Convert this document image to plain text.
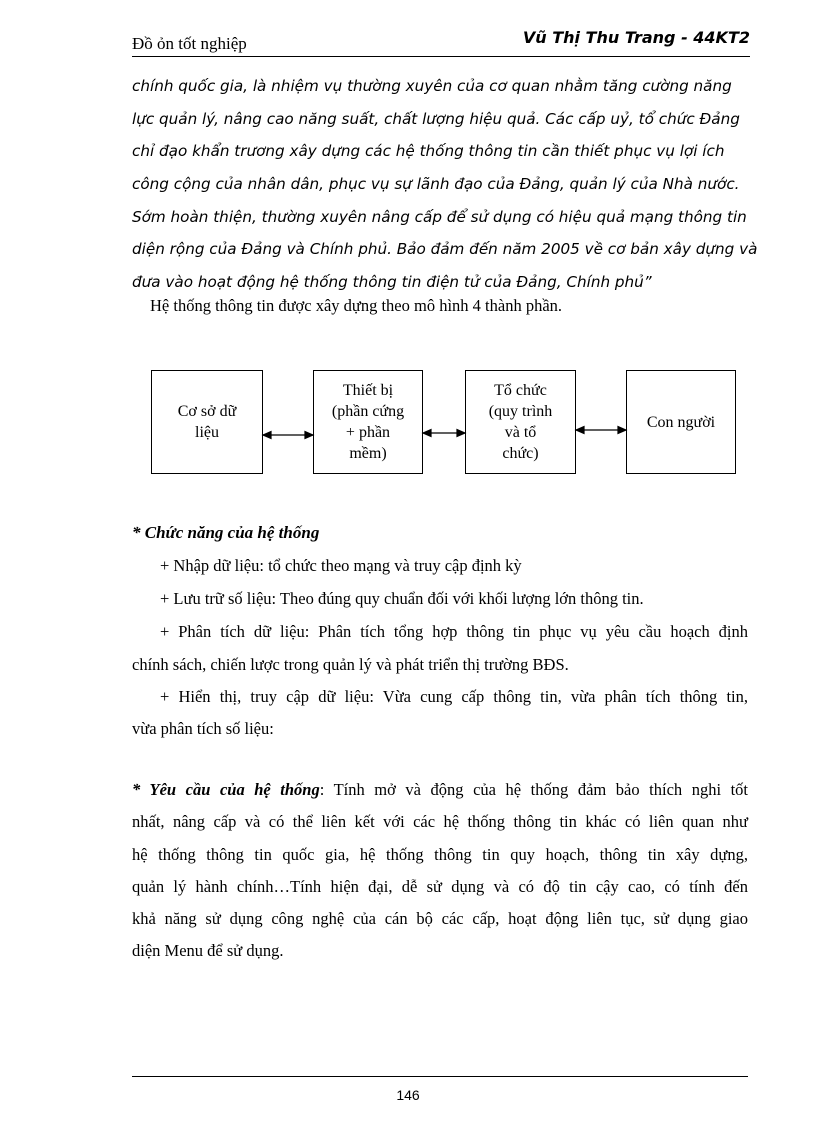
Đồ ỏn tốt nghiệp	Vũ Thị Thu Trang - 44KT2
chính quốc gia, là nhiệm vụ thường xuyên của cơ quan nhằm tăng cường năng
lực quản lý, nâng cao năng suất, chất lượng hiệu quả. Các cấp uỷ, tổ chức Đảng
chỉ đạo khẩn trương xây dựng các hệ thống thông tin cần thiết phục vụ lợi ích
công cộng của nhân dân, phục vụ sự lãnh đạo của Đảng, quản lý của Nhà nước.
Sớm hoàn thiện, thường xuyên nâng cấp để sử dụng có hiệu quả mạng thông tin
diện rộng của Đảng và Chính phủ. Bảo đảm đến năm 2005 về cơ bản xây dựng và
đưa vào hoạt động hệ thống thông tin điện tử của Đảng, Chính phủ”
Hệ thống thông tin được xây dựng theo mô hình 4 thành phần.
Cơ sở dữ
liệu
Thiết bị
(phần cứng
+ phần
mềm)
Tổ chức
(quy trình
và tổ
chức)
Con người
* Chức năng của hệ thống
+ Nhập dữ liệu: tổ chức theo mạng và truy cập định kỳ
+ Lưu trữ số liệu: Theo đúng quy chuẩn đối với khối lượng lớn thông tin.
+ Phân tích dữ liệu: Phân tích tổng hợp thông tin phục vụ yêu cầu hoạch định
chính sách, chiến lược trong quản lý và phát triển thị trường BĐS.
+ Hiển thị, truy cập dữ liệu: Vừa cung cấp thông tin, vừa phân tích thông tin,
vừa phân tích số liệu:
* Yêu cầu của hệ thống: Tính mở và động của hệ thống đảm bảo thích nghi tốt
nhất, nâng cấp và có thể liên kết với các hệ thống thông tin khác có liên quan như
hệ thống thông tin quốc gia, hệ thống thông tin quy hoạch, thông tin xây dựng,
quản lý hành chính…Tính hiện đại, dễ sử dụng và có độ tin cậy cao, có tính đến
khả năng sử dụng công nghệ của cán bộ các cấp, hoạt động liên tục, sử dụng giao
diện Menu để sử dụng.
146
